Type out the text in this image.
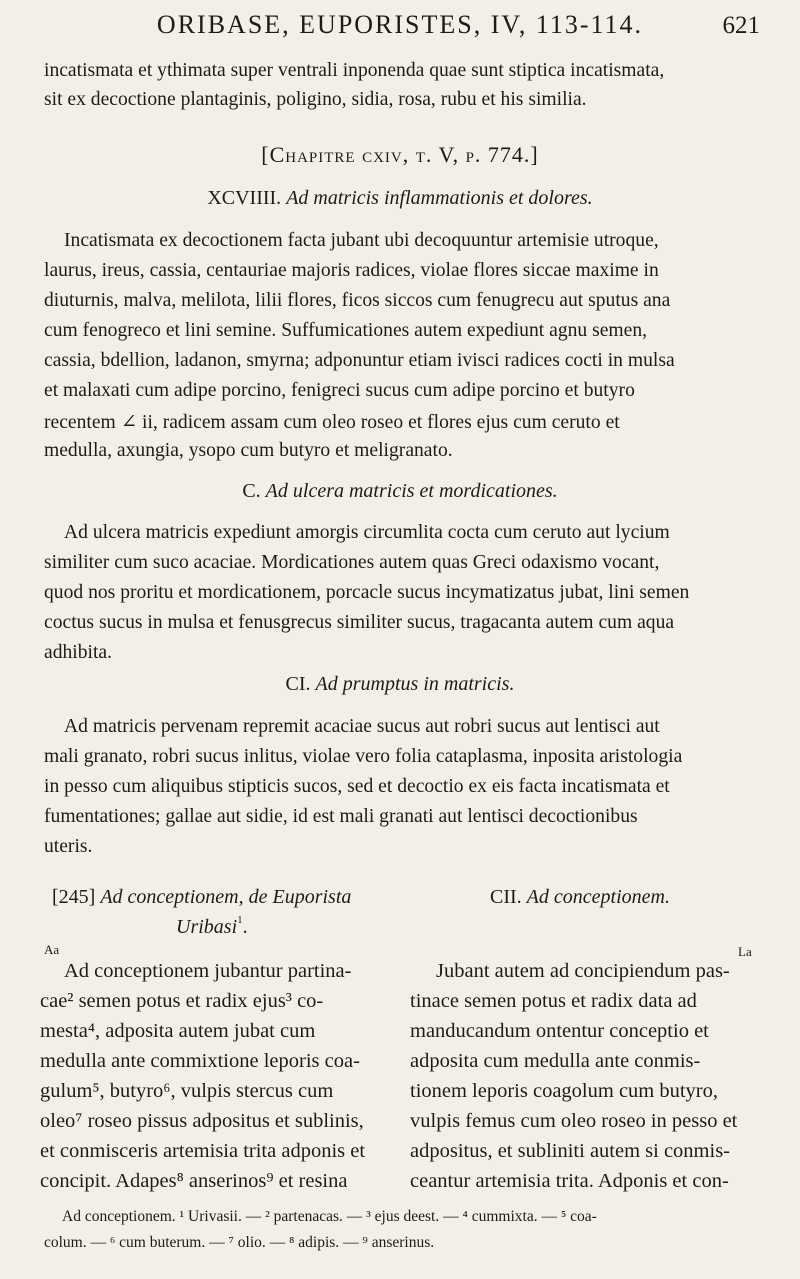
ORIBASE, EUPORISTES, IV, 113-114.	621
incatismata et ythimata super ventrali inponenda quae sunt stiptica incatismata,
sit ex decoctione plantaginis, poligino, sidia, rosa, rubu et his similia.
[Chapitre cxiv, t. V, p. 774.]
XCVIIII. Ad matricis inflammationis et dolores.
Incatismata ex decoctionem facta jubant ubi decoquuntur artemisie utroque,
laurus, ireus, cassia, centauriae majoris radices, violae flores siccae maxime in
diuturnis, malva, melilota, lilii flores, ficos siccos cum fenugrecu aut sputus ana
cum fenogreco et lini semine. Suffumicationes autem expediunt agnu semen,
cassia, bdellion, ladanon, smyrna; adponuntur etiam ivisci radices cocti in mulsa
et malaxati cum adipe porcino, fenigreci sucus cum adipe porcino et butyro
recentem ∠ ii, radicem assam cum oleo roseo et flores ejus cum ceruto et
medulla, axungia, ysopo cum butyro et meligranato.
C. Ad ulcera matricis et mordicationes.
Ad ulcera matricis expediunt amorgis circumlita cocta cum ceruto aut lycium
similiter cum suco acaciae. Mordicationes autem quas Greci odaxismo vocant,
quod nos proritu et mordicationem, porcacle sucus incymatizatus jubat, lini semen
coctus sucus in mulsa et fenusgrecus similiter sucus, tragacanta autem cum aqua
adhibita.
CI. Ad prumptus in matricis.
Ad matricis pervenam repremit acaciae sucus aut robri sucus aut lentisci aut
mali granato, robri sucus inlitus, violae vero folia cataplasma, inposita aristologia
in pesso cum aliquibus stipticis sucos, sed et decoctio ex eis facta incatismata et
fumentationes; gallae aut sidie, id est mali granati aut lentisci decoctionibus
uteris.
[245] Ad conceptionem, de Euporista
Uribasi$^1$.
Aa
CII. Ad conceptionem.
La
Ad conceptionem jubantur partina-
cae² semen potus et radix ejus³ co-
mesta⁴, adposita autem jubat cum
medulla ante commixtione leporis coa-
gulum⁵, butyro⁶, vulpis stercus cum
oleo⁷ roseo pissus adpositus et sublinis,
et conmisceris artemisia trita adponis et
concipit. Adapes⁸ anserinos⁹ et resina
Jubant autem ad concipiendum pas-
tinace semen potus et radix data ad
manducandum ontentur conceptio et
adposita cum medulla ante conmis-
tionem leporis coagolum cum butyro,
vulpis femus cum oleo roseo in pesso et
adpositus, et subliniti autem si conmis-
ceantur artemisia trita. Adponis et con-
Ad conceptionem. ¹ Urivasii. — ² partenacas. — ³ ejus deest. — ⁴ cummixta. — ⁵ coa-
colum. — ⁶ cum buterum. — ⁷ olio. — ⁸ adipis. — ⁹ anserinus.
